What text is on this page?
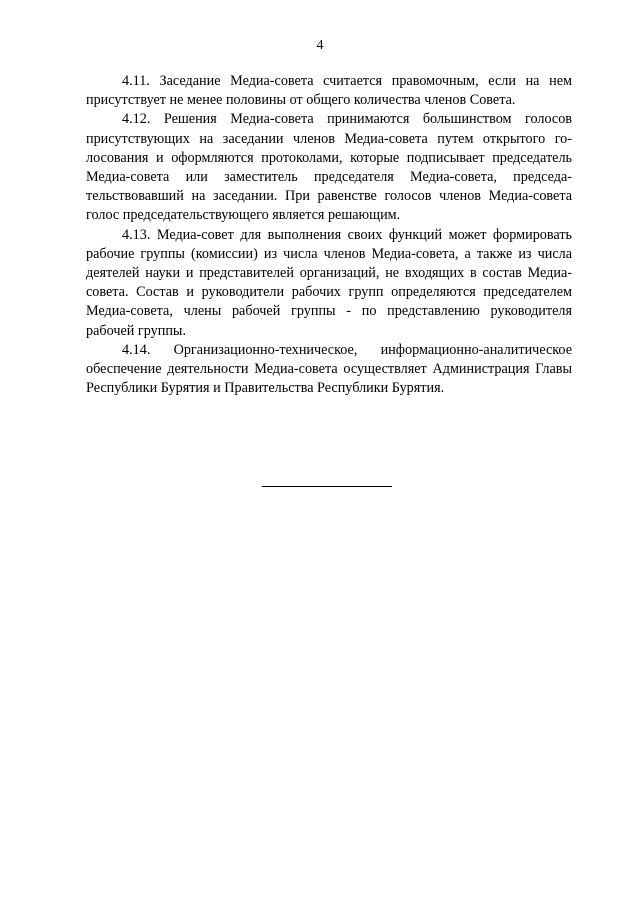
4

4.11. Заседание Медиа-совета считается правомочным, если на нем присутствует не менее половины от общего количества членов Совета.

4.12. Решения Медиа-совета принимаются большинством голосов присутствующих на заседании членов Медиа-совета путем открытого голосования и оформляются протоколами, которые подписывает председатель Медиа-совета или заместитель председателя Медиа-совета, председательствовавший на заседании. При равенстве голосов членов Медиа-совета голос председательствующего является решающим.

4.13. Медиа-совет для выполнения своих функций может формировать рабочие группы (комиссии) из числа членов Медиа-совета, а также из числа деятелей науки и представителей организаций, не входящих в состав Медиа-совета. Состав и руководители рабочих групп определяются председателем Медиа-совета, члены рабочей группы - по представлению руководителя рабочей группы.

4.14. Организационно-техническое, информационно-аналитическое обеспечение деятельности Медиа-совета осуществляет Администрация Главы Республики Бурятия и Правительства Республики Бурятия.
